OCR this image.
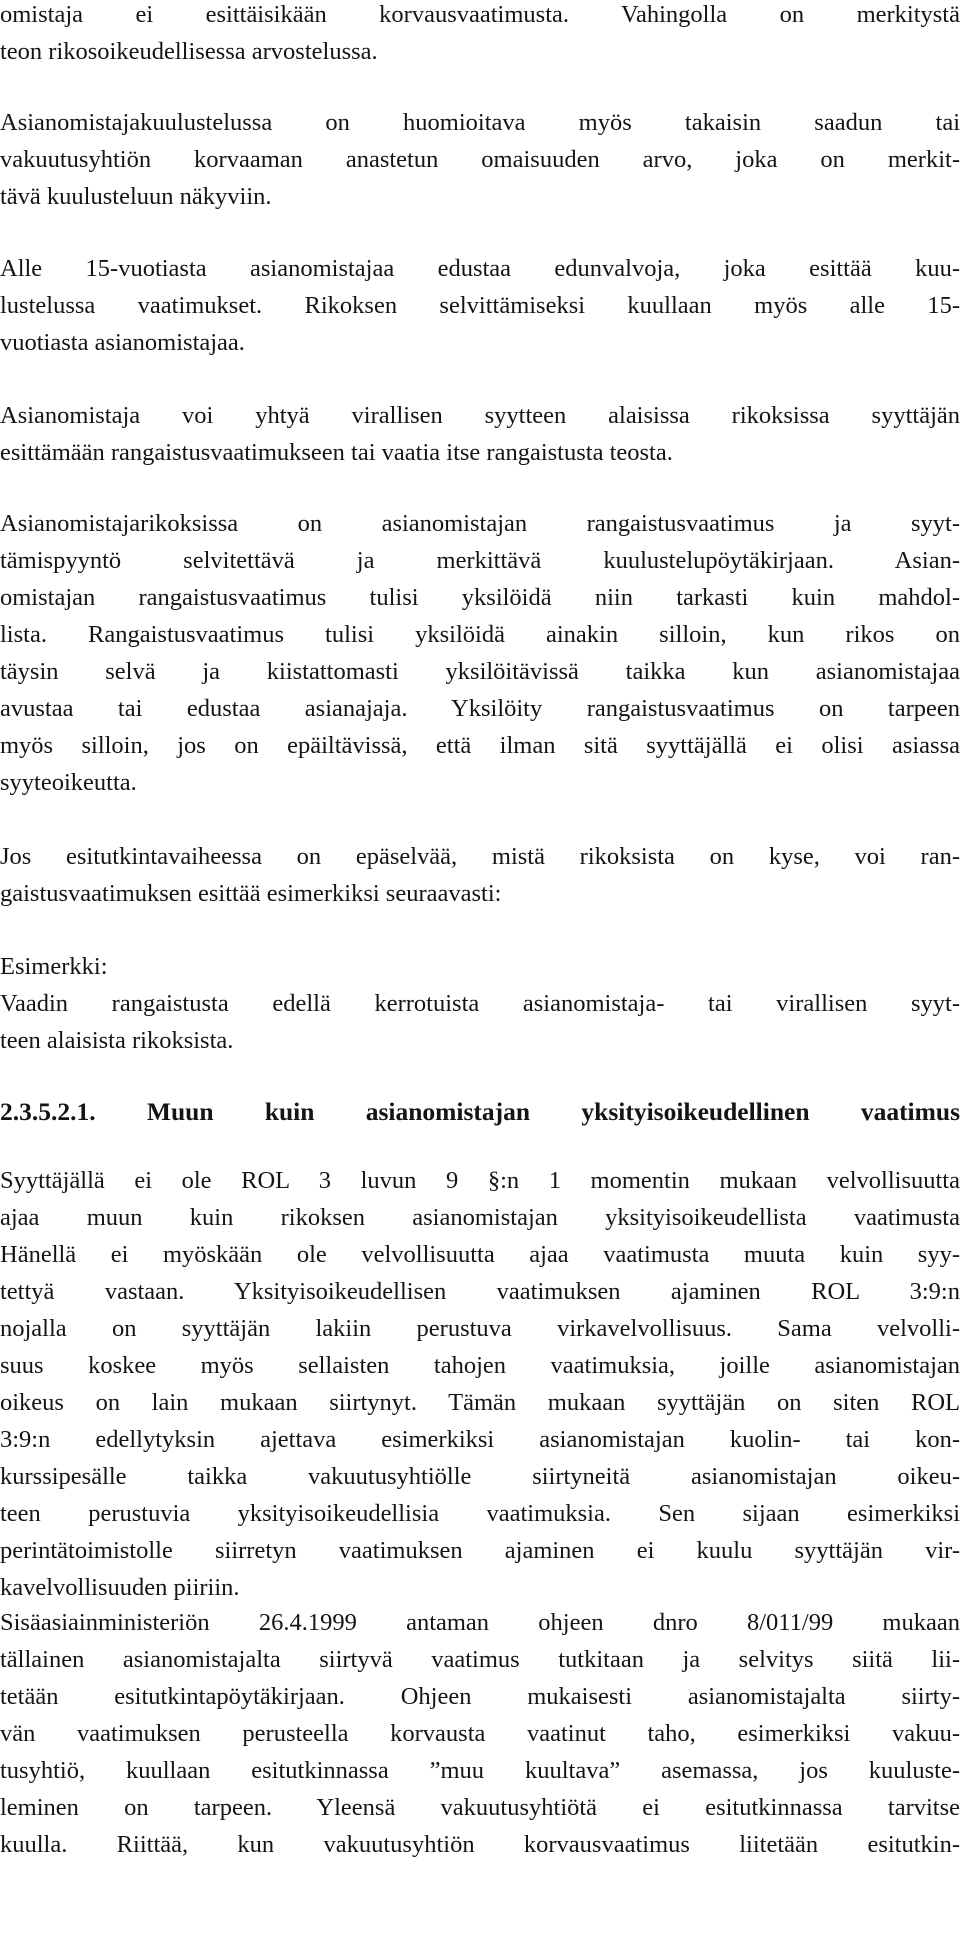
omistaja ei esittäisikään korvausvaatimusta. Vahingolla on merkitystä
teon rikosoikeudellisessa arvostelussa.
Asianomistajakuulustelussa on huomioitava myös takaisin saadun tai
vakuutusyhtiön korvaaman anastetun omaisuuden arvo, joka on merkit-
tävä kuulusteluun näkyviin.
Alle 15-vuotiasta asianomistajaa edustaa edunvalvoja, joka esittää kuu-
lustelussa vaatimukset. Rikoksen selvittämiseksi kuullaan myös alle 15-
vuotiasta asianomistajaa.
Asianomistaja voi yhtyä virallisen syytteen alaisissa rikoksissa syyttäjän
esittämään rangaistusvaatimukseen tai vaatia itse rangaistusta teosta.
Asianomistajarikoksissa on asianomistajan rangaistusvaatimus ja syyt-
tämispyyntö selvitettävä ja merkittävä kuulustelupöytäkirjaan. Asian-
omistajan rangaistusvaatimus tulisi yksilöidä niin tarkasti kuin mahdol-
lista. Rangaistusvaatimus tulisi yksilöidä ainakin silloin, kun rikos on
täysin selvä ja kiistattomasti yksilöitävissä taikka kun asianomistajaa
avustaa tai edustaa asianajaja. Yksilöity rangaistusvaatimus on tarpeen
myös silloin, jos on epäiltävissä, että ilman sitä syyttäjällä ei olisi asiassa
syyteoikeutta.
Jos esitutkintavaiheessa on epäselvää, mistä rikoksista on kyse, voi ran-
gaistusvaatimuksen esittää esimerkiksi seuraavasti:
Esimerkki:
Vaadin rangaistusta edellä kerrotuista asianomistaja- tai virallisen syyt-
teen alaisista rikoksista.
2.3.5.2.1. Muun kuin asianomistajan yksityisoikeudellinen vaatimus
Syyttäjällä ei ole ROL 3 luvun 9 §:n 1 momentin mukaan velvollisuutta
ajaa muun kuin rikoksen asianomistajan yksityisoikeudellista vaatimusta
Hänellä ei myöskään ole velvollisuutta ajaa vaatimusta muuta kuin syy-
tettyä vastaan. Yksityisoikeudellisen vaatimuksen ajaminen ROL 3:9:n
nojalla on syyttäjän lakiin perustuva virkavelvollisuus. Sama velvolli-
suus koskee myös sellaisten tahojen vaatimuksia, joille asianomistajan
oikeus on lain mukaan siirtynyt. Tämän mukaan syyttäjän on siten ROL
3:9:n edellytyksin ajettava esimerkiksi asianomistajan kuolin- tai kon-
kurssipesälle taikka vakuutusyhtiölle siirtyneitä asianomistajan oikeu-
teen perustuvia yksityisoikeudellisia vaatimuksia. Sen sijaan esimerkiksi
perintätoimistolle siirretyn vaatimuksen ajaminen ei kuulu syyttäjän vir-
kavelvollisuuden piiriin.
Sisäasiainministeriön 26.4.1999 antaman ohjeen dnro 8/011/99 mukaan
tällainen asianomistajalta siirtyvä vaatimus tutkitaan ja selvitys siitä lii-
tetään esitutkintapöytäkirjaan. Ohjeen mukaisesti asianomistajalta siirty-
vän vaatimuksen perusteella korvausta vaatinut taho, esimerkiksi vakuu-
tusyhtiö, kuullaan esitutkinnassa ”muu kuultava” asemassa, jos kuuluste-
leminen on tarpeen. Yleensä vakuutusyhtiötä ei esitutkinnassa tarvitse
kuulla. Riittää, kun vakuutusyhtiön korvausvaatimus liitetään esitutkin-
